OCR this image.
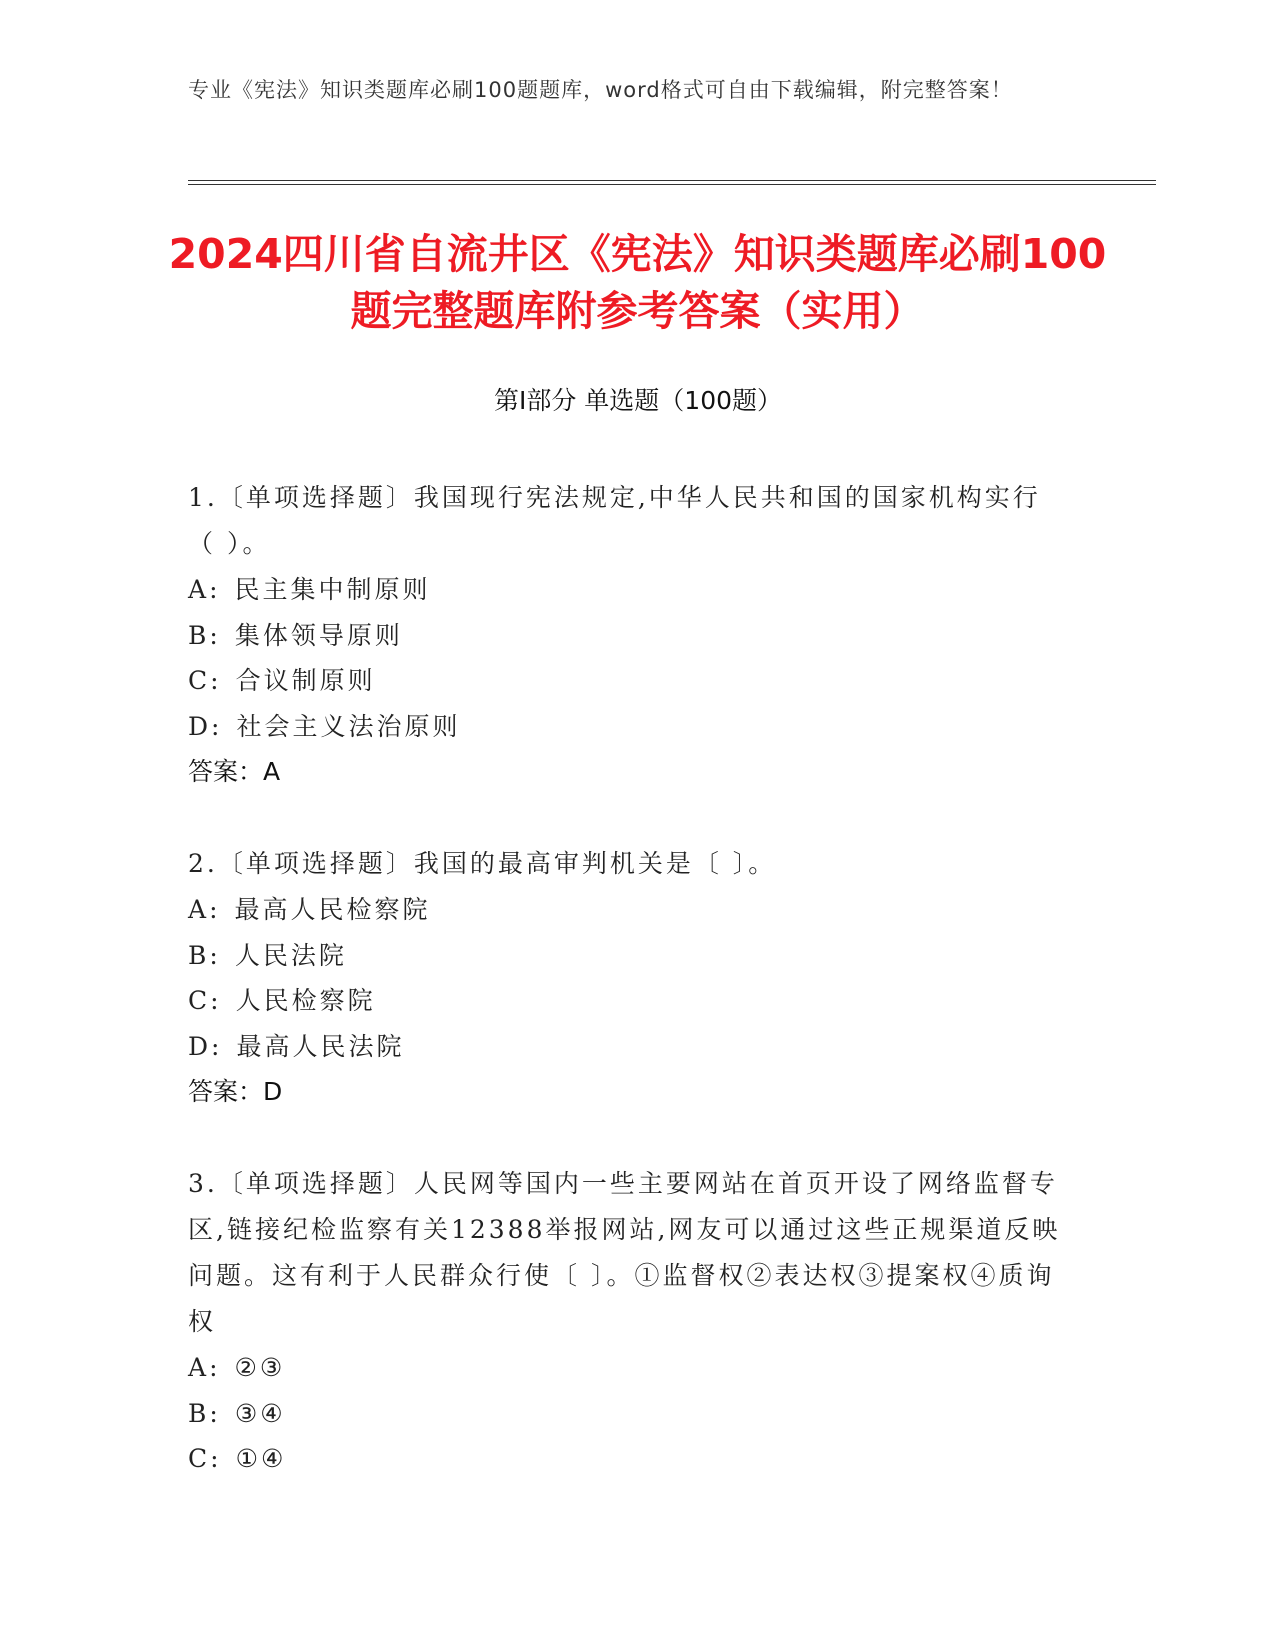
专业《宪法》知识类题库必刷100题题库，word格式可自由下载编辑，附完整答案！
2024四川省自流井区《宪法》知识类题库必刷100题完整题库附参考答案（实用）
第I部分 单选题（100题）
1.〔单项选择题〕我国现行宪法规定,中华人民共和国的国家机构实行（ ）。
A: 民主集中制原则
B: 集体领导原则
C: 合议制原则
D: 社会主义法治原则
答案：A
2.〔单项选择题〕我国的最高审判机关是〔 〕。
A: 最高人民检察院
B: 人民法院
C: 人民检察院
D: 最高人民法院
答案：D
3.〔单项选择题〕人民网等国内一些主要网站在首页开设了网络监督专区,链接纪检监察有关12388举报网站,网友可以通过这些正规渠道反映问题。这有利于人民群众行使〔 〕。①监督权②表达权③提案权④质询权
A: ②③
B: ③④
C: ①④
